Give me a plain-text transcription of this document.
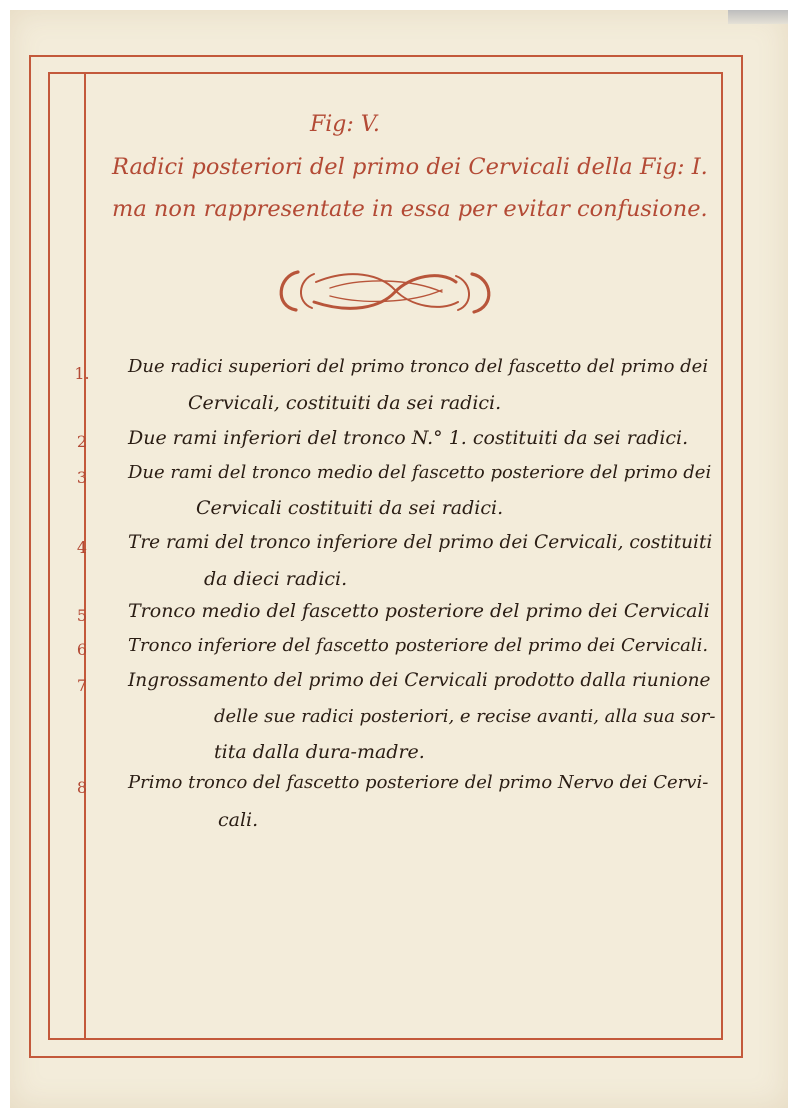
Fig: V.
Radici posteriori del primo dei Cervicali della Fig: I.
ma non rappresentate in essa per evitar confusione.
1.	Due radici superiori del primo tronco del fascetto del primo dei
Cervicali, costituiti da sei radici.
2	Due rami inferiori del tronco N.° 1. costituiti da sei radici.
3	Due rami del tronco medio del fascetto posteriore del primo dei
Cervicali costituiti da sei radici.
4	Tre rami del tronco inferiore del primo dei Cervicali, costituiti
da dieci radici.
5	Tronco medio del fascetto posteriore del primo dei Cervicali
6	Tronco inferiore del fascetto posteriore del primo dei Cervicali.
7	Ingrossamento del primo dei Cervicali prodotto dalla riunione
delle sue radici posteriori, e recise avanti, alla sua sor-
tita dalla dura-madre.
8	Primo tronco del fascetto posteriore del primo Nervo dei Cervi-
cali.
